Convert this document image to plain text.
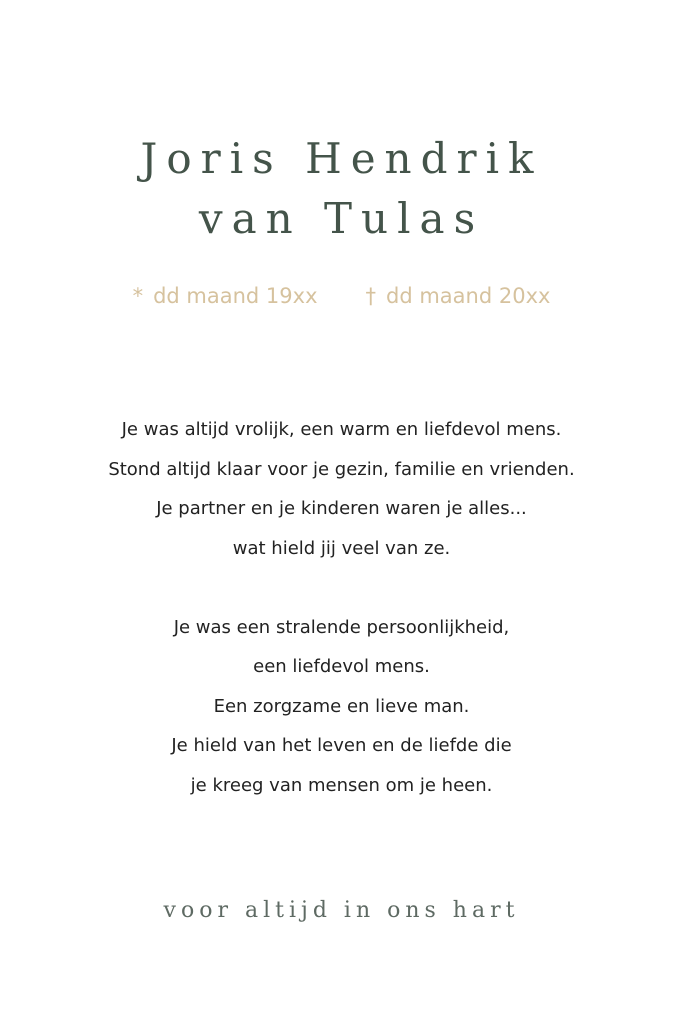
Joris Hendrik
van Tulas
* dd maand 19xx † dd maand 20xx
Je was altijd vrolijk, een warm en liefdevol mens.
Stond altijd klaar voor je gezin, familie en vrienden.
Je partner en je kinderen waren je alles...
wat hield jij veel van ze.
Je was een stralende persoonlijkheid,
een liefdevol mens.
Een zorgzame en lieve man.
Je hield van het leven en de liefde die
je kreeg van mensen om je heen.
voor altijd in ons hart
